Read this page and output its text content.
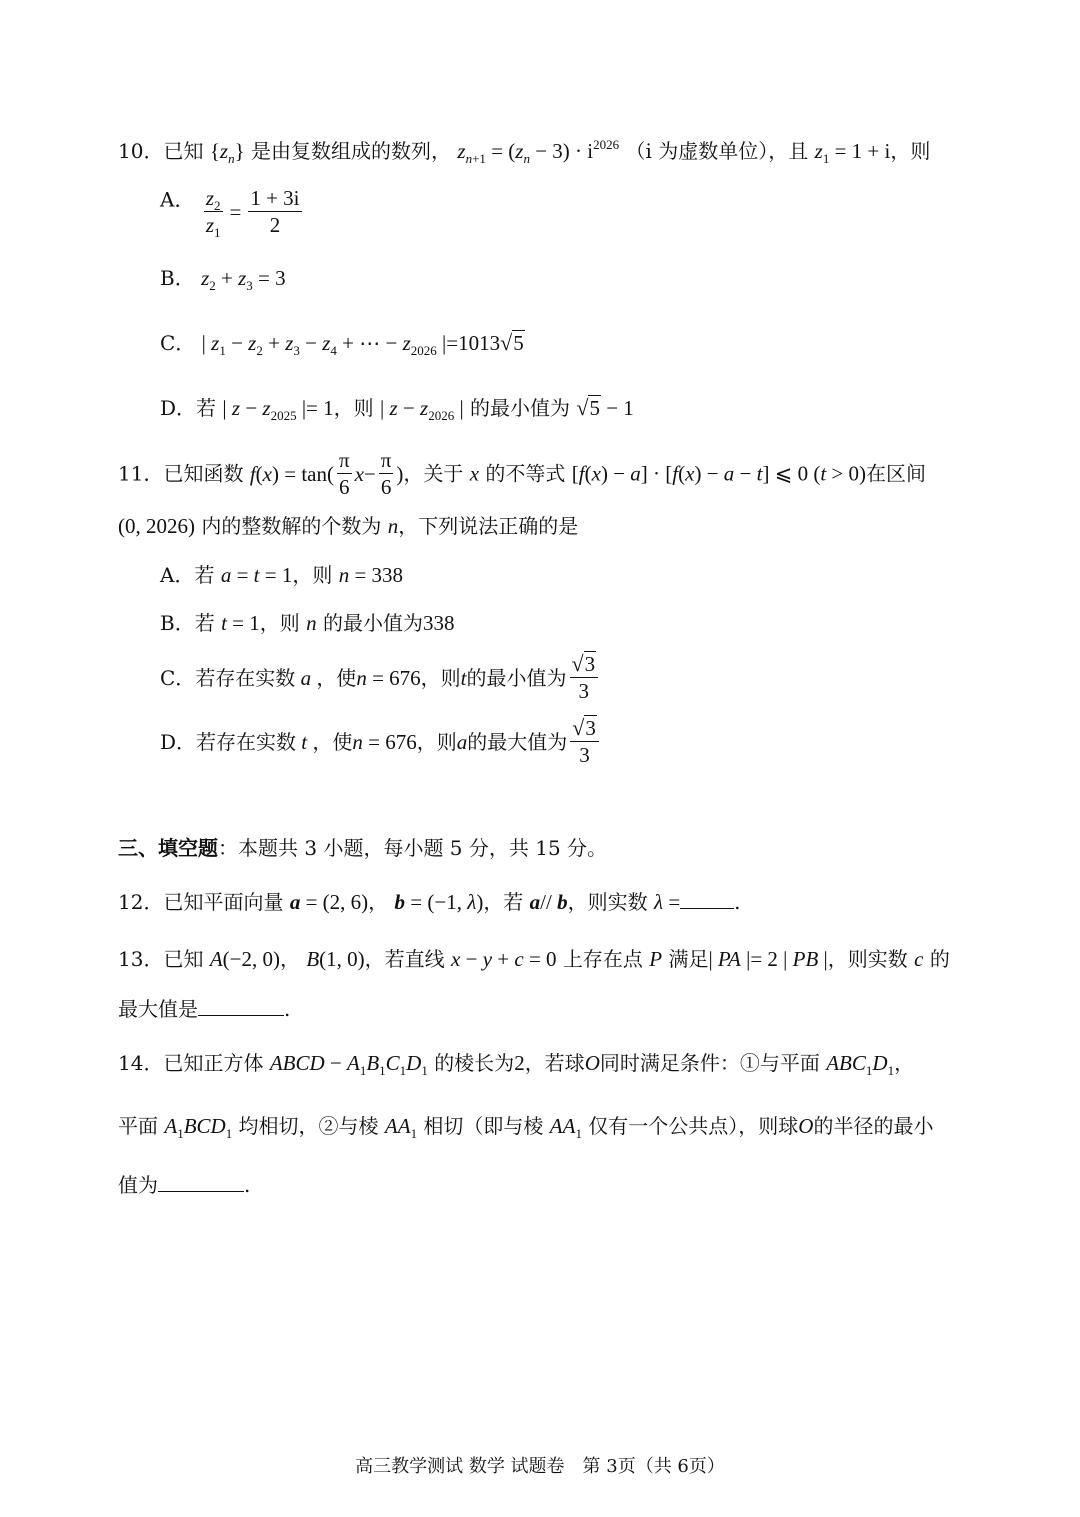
10．已知 $\{z_n\}$ 是由复数组成的数列， $z_{n+1} = (z_n - 3) \cdot i^{2026}$ （i 为虚数单位），且 $z_1 = 1 + i$，则
A． $\frac{z_2}{z_1} = \frac{1 + 3i}{2}$
B． $z_2 + z_3 = 3$
C． | $z_1 - z_2 + z_3 - z_4$ + ⋯ − $z_{2026}$ |=1013√5
D．若 | $z - z_{2025}$ |= 1，则 | $z - z_{2026}$ | 的最小值为 √5 − 1
11．已知函数 f ( x ) = $\tan( \frac{\pi}{6}$ $x - \frac{\pi}{6}$ )，关于 x 的不等式 [f(x) − a] · [f(x) − a − t] ⩽ 0 (t > 0)在区间
(0, 2026) 内的整数解的个数为 n，下列说法正确的是
A．若 a = t = 1，则 n = 338
B．若 t = 1，则 n 的最小值为338
C． 若存在实数 a ，使 n = 676 ，则 t 的最小值为 $\frac{√3}{3}$
D． 若存在实数 t ，使 n = 676 ，则 a 的最大值为 $\frac{√3}{3}$
三、填空题：本题共 3 小题，每小题 5 分，共 15 分。
12．已知平面向量 a = (2, 6)， b = (−1, λ)，若 a// b，则实数 λ =	.
13．已知 A(−2, 0)， B(1, 0)，若直线 x − y + c = 0 上存在点 P 满足| PA |= 2 | PB |，则实数 c 的
最大值是	.
14．已知正方体 ABCD − $A_1B_1C_1D_1$ 的棱长为2，若球O同时满足条件：①与平面 $ABC_1D_1$，
平面 $A_1BCD_1$ 均相切，②与棱 $AA_1$ 相切（即与棱 $AA_1$ 仅有一个公共点），则球O的半径的最小
值为	.
高三教学测试 数学 试题卷　第 3页（共 6页）
